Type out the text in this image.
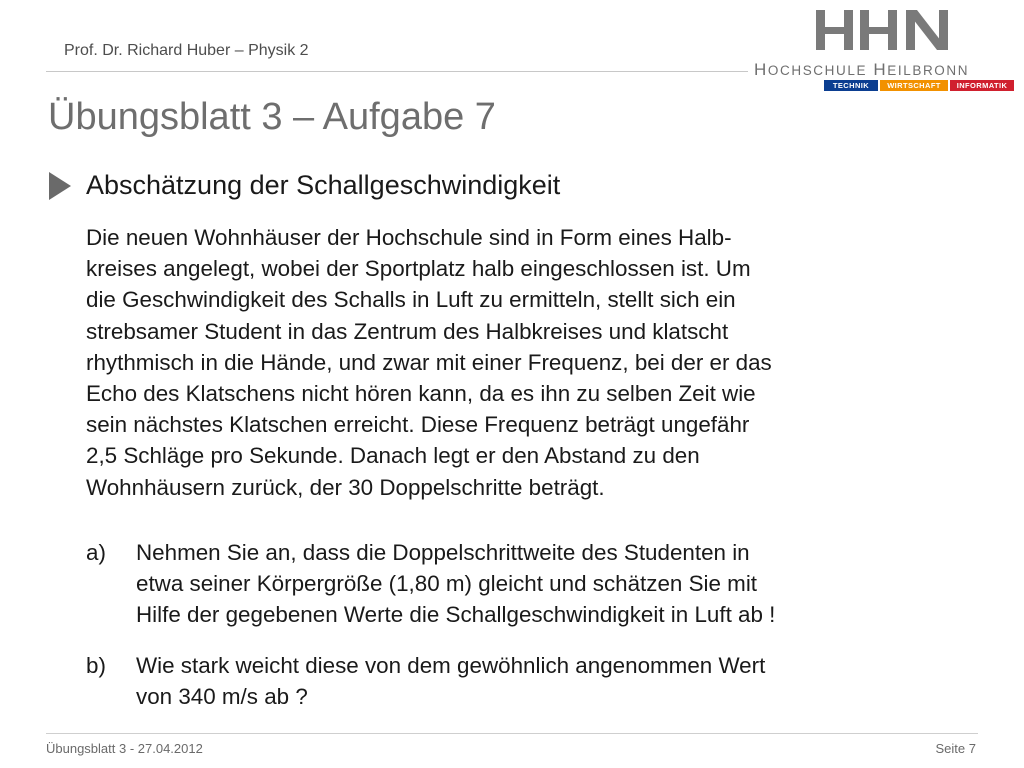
Prof. Dr. Richard Huber – Physik 2
HOCHSCHULE HEILBRONN
TECHNIK	WIRTSCHAFT	INFORMATIK
Übungsblatt 3 – Aufgabe 7
Abschätzung der Schallgeschwindigkeit
Die neuen Wohnhäuser der Hochschule sind in Form eines Halb-
kreises angelegt, wobei der Sportplatz halb eingeschlossen ist. Um
die Geschwindigkeit des Schalls in Luft zu ermitteln, stellt sich ein
strebsamer Student in das Zentrum des Halbkreises und klatscht
rhythmisch in die Hände, und zwar mit einer Frequenz, bei der er das
Echo des Klatschens nicht hören kann, da es ihn zu selben Zeit wie
sein nächstes Klatschen erreicht. Diese Frequenz beträgt ungefähr
2,5 Schläge pro Sekunde. Danach legt er den Abstand zu den
Wohnhäusern zurück, der 30 Doppelschritte beträgt.
a) Nehmen Sie an, dass die Doppelschrittweite des Studenten in
etwa seiner Körpergröße (1,80 m) gleicht und schätzen Sie mit
Hilfe der gegebenen Werte die Schallgeschwindigkeit in Luft ab !
b) Wie stark weicht diese von dem gewöhnlich angenommen Wert
von 340 m/s ab ?
Übungsblatt 3 - 27.04.2012	Seite 7
